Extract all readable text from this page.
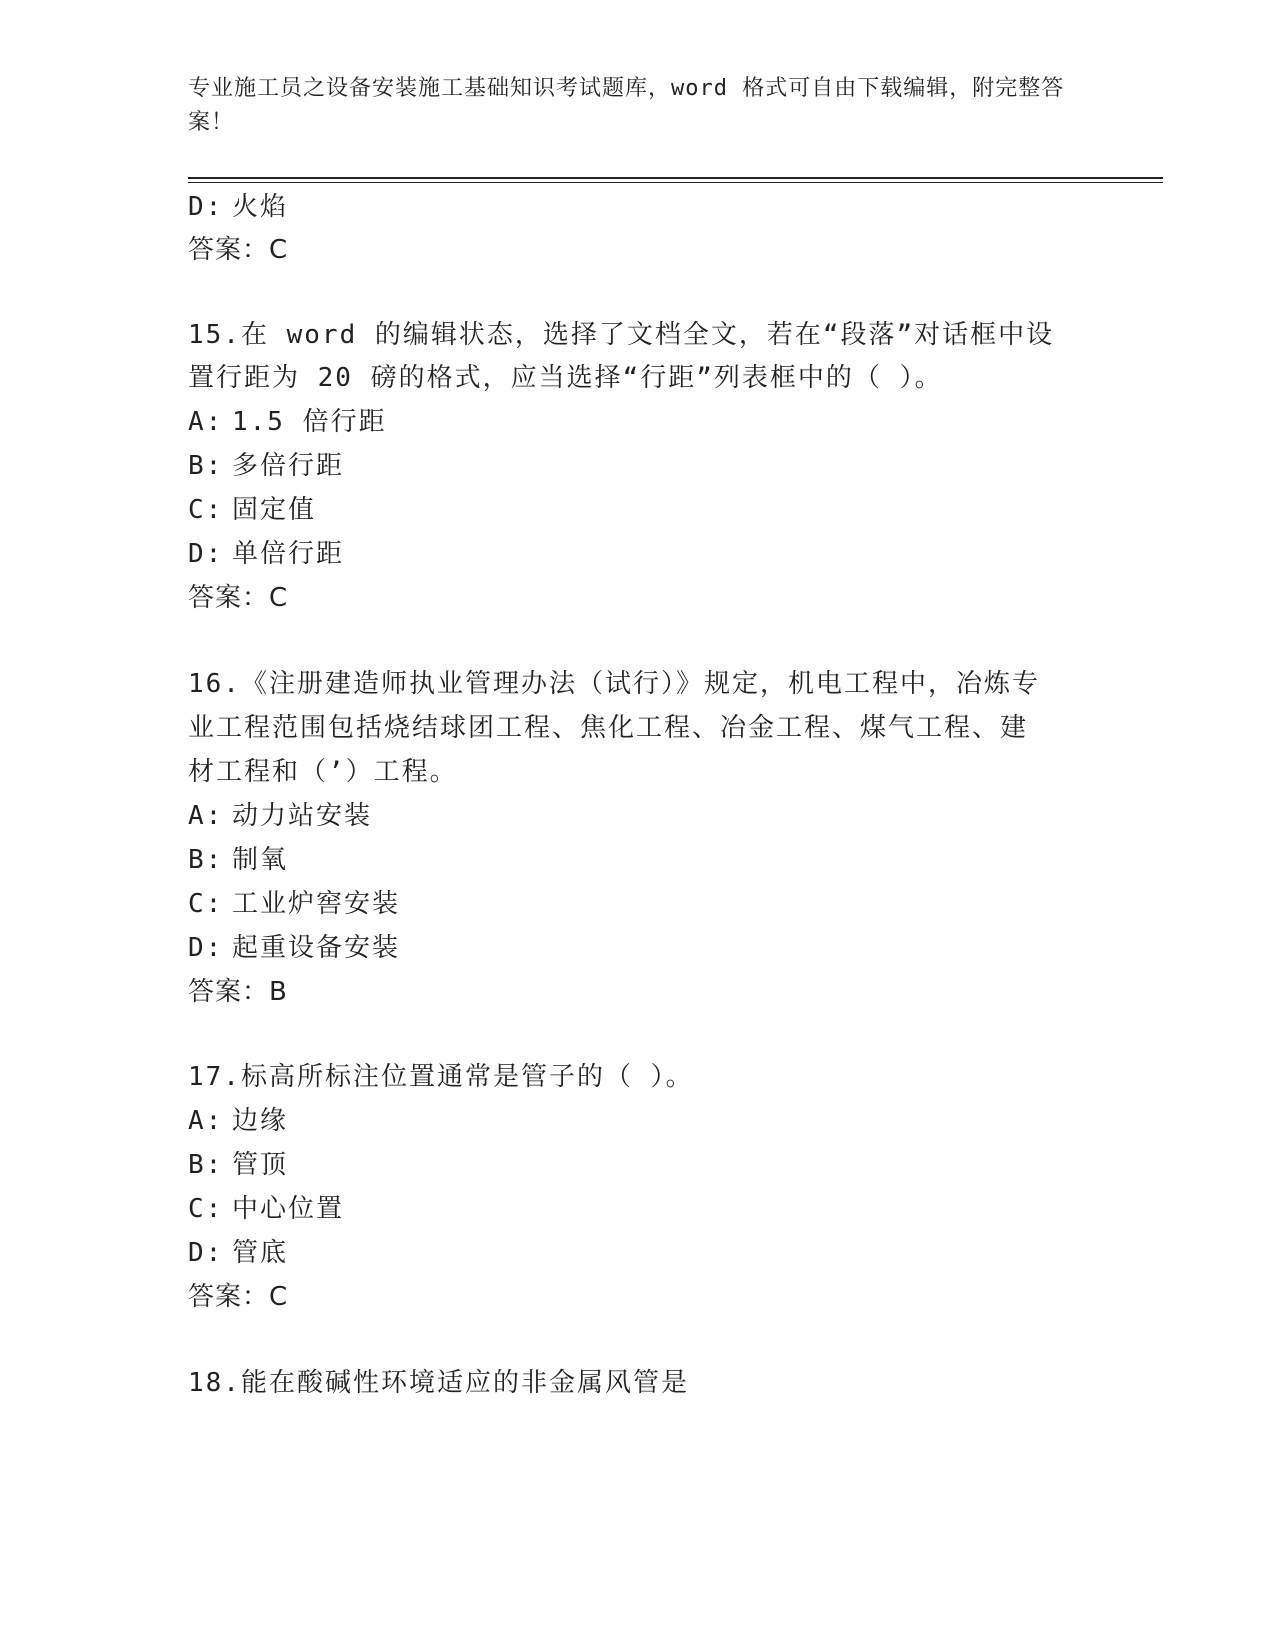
专业施工员之设备安装施工基础知识考试题库，word 格式可自由下载编辑，附完整答案！
D: 火焰
答案：C
15.在 word 的编辑状态，选择了文档全文，若在“段落”对话框中设
置行距为 20 磅的格式，应当选择“行距”列表框中的（ ）。
A: 1.5 倍行距
B: 多倍行距
C: 固定值
D: 单倍行距
答案：C
16.《注册建造师执业管理办法（试行）》规定，机电工程中，冶炼专
业工程范围包括烧结球团工程、焦化工程、冶金工程、煤气工程、建
材工程和（’）工程。
A: 动力站安装
B: 制氧
C: 工业炉窖安装
D: 起重设备安装
答案：B
17.标高所标注位置通常是管子的（ ）。
A: 边缘
B: 管顶
C: 中心位置
D: 管底
答案：C
18.能在酸碱性环境适应的非金属风管是
